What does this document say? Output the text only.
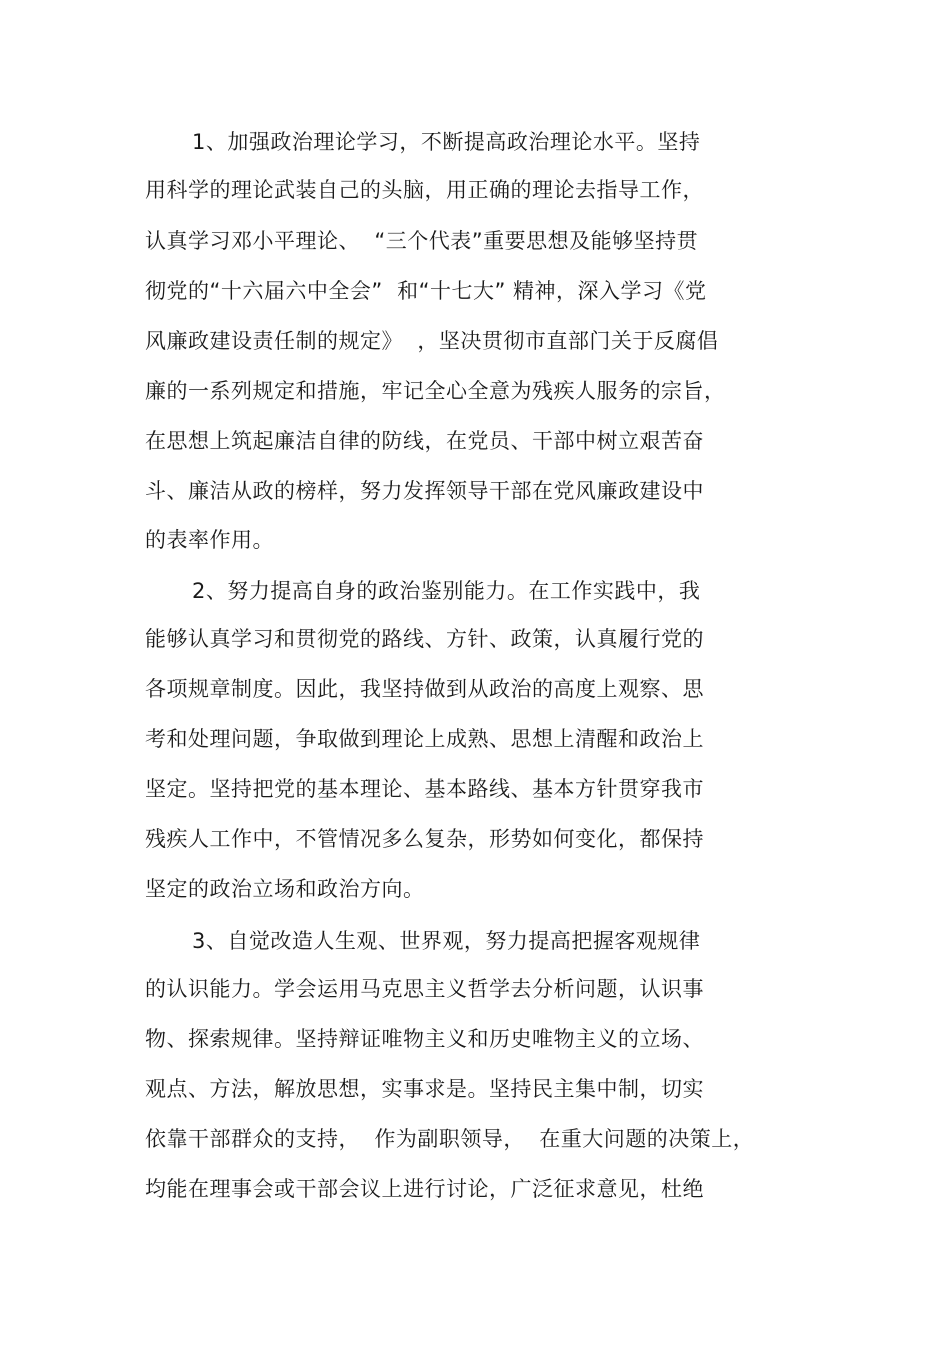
1、加强政治理论学习，不断提高政治理论水平。坚持

用科学的理论武装自己的头脑，用正确的理论去指导工作，

认真学习邓小平理论、  “三个代表”重要思想及能够坚持贯

彻党的“十六届六中全会”  和“十七大” 精神，深入学习《党

风廉政建设责任制的规定》  ，坚决贯彻市直部门关于反腐倡

廉的一系列规定和措施，牢记全心全意为残疾人服务的宗旨，

在思想上筑起廉洁自律的防线，在党员、干部中树立艰苦奋

斗、廉洁从政的榜样，努力发挥领导干部在党风廉政建设中

的表率作用。

2、努力提高自身的政治鉴别能力。在工作实践中，我

能够认真学习和贯彻党的路线、方针、政策，认真履行党的

各项规章制度。因此，我坚持做到从政治的高度上观察、思

考和处理问题，争取做到理论上成熟、思想上清醒和政治上

坚定。坚持把党的基本理论、基本路线、基本方针贯穿我市

残疾人工作中，不管情况多么复杂，形势如何变化，都保持

坚定的政治立场和政治方向。

3、自觉改造人生观、世界观，努力提高把握客观规律

的认识能力。学会运用马克思主义哲学去分析问题，认识事

物、探索规律。坚持辩证唯物主义和历史唯物主义的立场、

观点、方法，解放思想，实事求是。坚持民主集中制，切实

依靠干部群众的支持，  作为副职领导，  在重大问题的决策上，

均能在理事会或干部会议上进行讨论，广泛征求意见，杜绝
